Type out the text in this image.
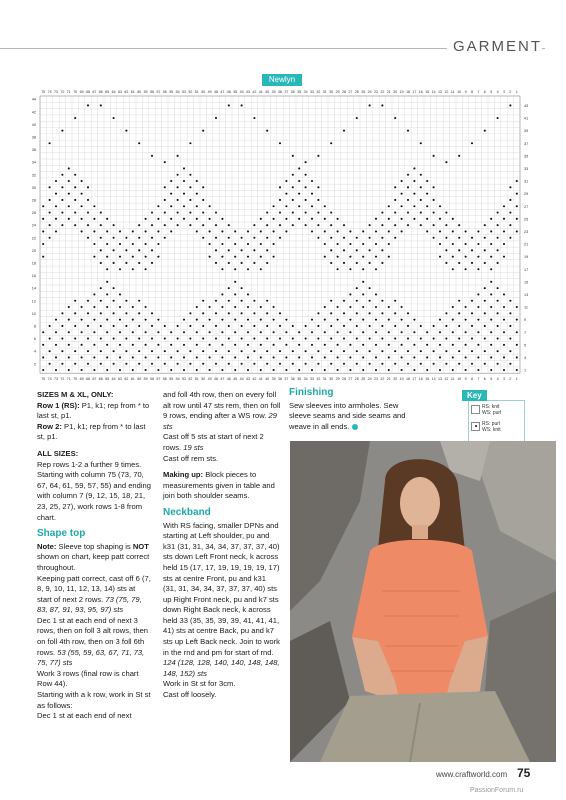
GARMENT
Newlyn
75
75
74
74
73
73
72
72
71
71
70
70
69
69
68
68
67
67
66
66
65
65
64
64
63
63
62
62
61
61
60
60
59
59
58
58
57
57
56
56
55
55
54
54
53
53
52
52
51
51
50
50
49
49
48
48
47
47
46
46
45
45
44
44
43
43
42
42
41
41
40
40
39
39
38
38
37
37
36
36
35
35
34
34
33
33
32
32
31
31
30
30
29
29
28
28
27
27
26
26
25
25
24
24
23
23
22
22
21
21
20
20
19
19
18
18
17
17
16
16
15
15
14
14
13
13
12
12
11
11
10
10
9
9
8
8
7
7
6
6
5
5
4
4
3
3
2
2
1
1
44
42
40
38
36
34
32
30
28
26
24
22
20
18
16
14
12
10
8
6
4
2
43
41
39
37
35
33
31
29
27
25
23
21
19
17
15
13
11
9
7
5
3
1

SIZES M & XL, ONLY:

Row 1 (RS): P1, k1; rep from * to last st, p1.

Row 2: P1, k1; rep from * to last st, p1.

ALL SIZES:

Rep rows 1-2 a further 9 times. Starting with column 75 (73, 70, 67, 64, 61, 59, 57, 55) and ending with column 7 (9, 12, 15, 18, 21, 23, 25, 27), work rows 1-8 from chart.

Shape top

Note: Sleeve top shaping is NOT shown on chart, keep patt correct throughout.

Keeping patt correct, cast off 6 (7, 8, 9, 10, 11, 12, 13, 14) sts at start of next 2 rows. 73 (75, 79, 83, 87, 91, 93, 95, 97) sts

Dec 1 st at each end of next 3 rows, then on foll 3 alt rows, then on foll 4th row, then on 3 foll 6th rows. 53 (55, 59, 63, 67, 71, 73, 75, 77) sts

Work 3 rows (final row is chart Row 44).

Starting with a k row, work in St st as follows:

Dec 1 st at each end of next

and foll 4th row, then on every foll alt row until 47 sts rem, then on foll 9 rows, ending after a WS row. 29 sts

Cast off 5 sts at start of next 2 rows. 19 sts

Cast off rem sts.

Making up: Block pieces to measurements given in table and join both shoulder seams.

Neckband

With RS facing, smaller DPNs and starting at Left shoulder, pu and k31 (31, 31, 34, 34, 37, 37, 37, 40) sts down Left Front neck, k across held 15 (17, 17, 19, 19, 19, 19, 17) sts at centre Front, pu and k31 (31, 31, 34, 34, 37, 37, 37, 40) sts up Right Front neck, pu and k7 sts down Right Back neck, k across held 33 (35, 35, 39, 39, 41, 41, 41, 41) sts at centre Back, pu and k7 sts up Left Back neck. Join to work in the rnd and pm for start of rnd. 124 (128, 128, 140, 140, 148, 148, 148, 152) sts

Work in St st for 3cm.

Cast off loosely.

Finishing

Sew sleeves into armholes. Sew sleeve seams and side seams and weave in all ends.

RS: knit
WS: purl
RS: purl
WS: knit
Key
www.craftworld.com 75
PassionForum.ru
